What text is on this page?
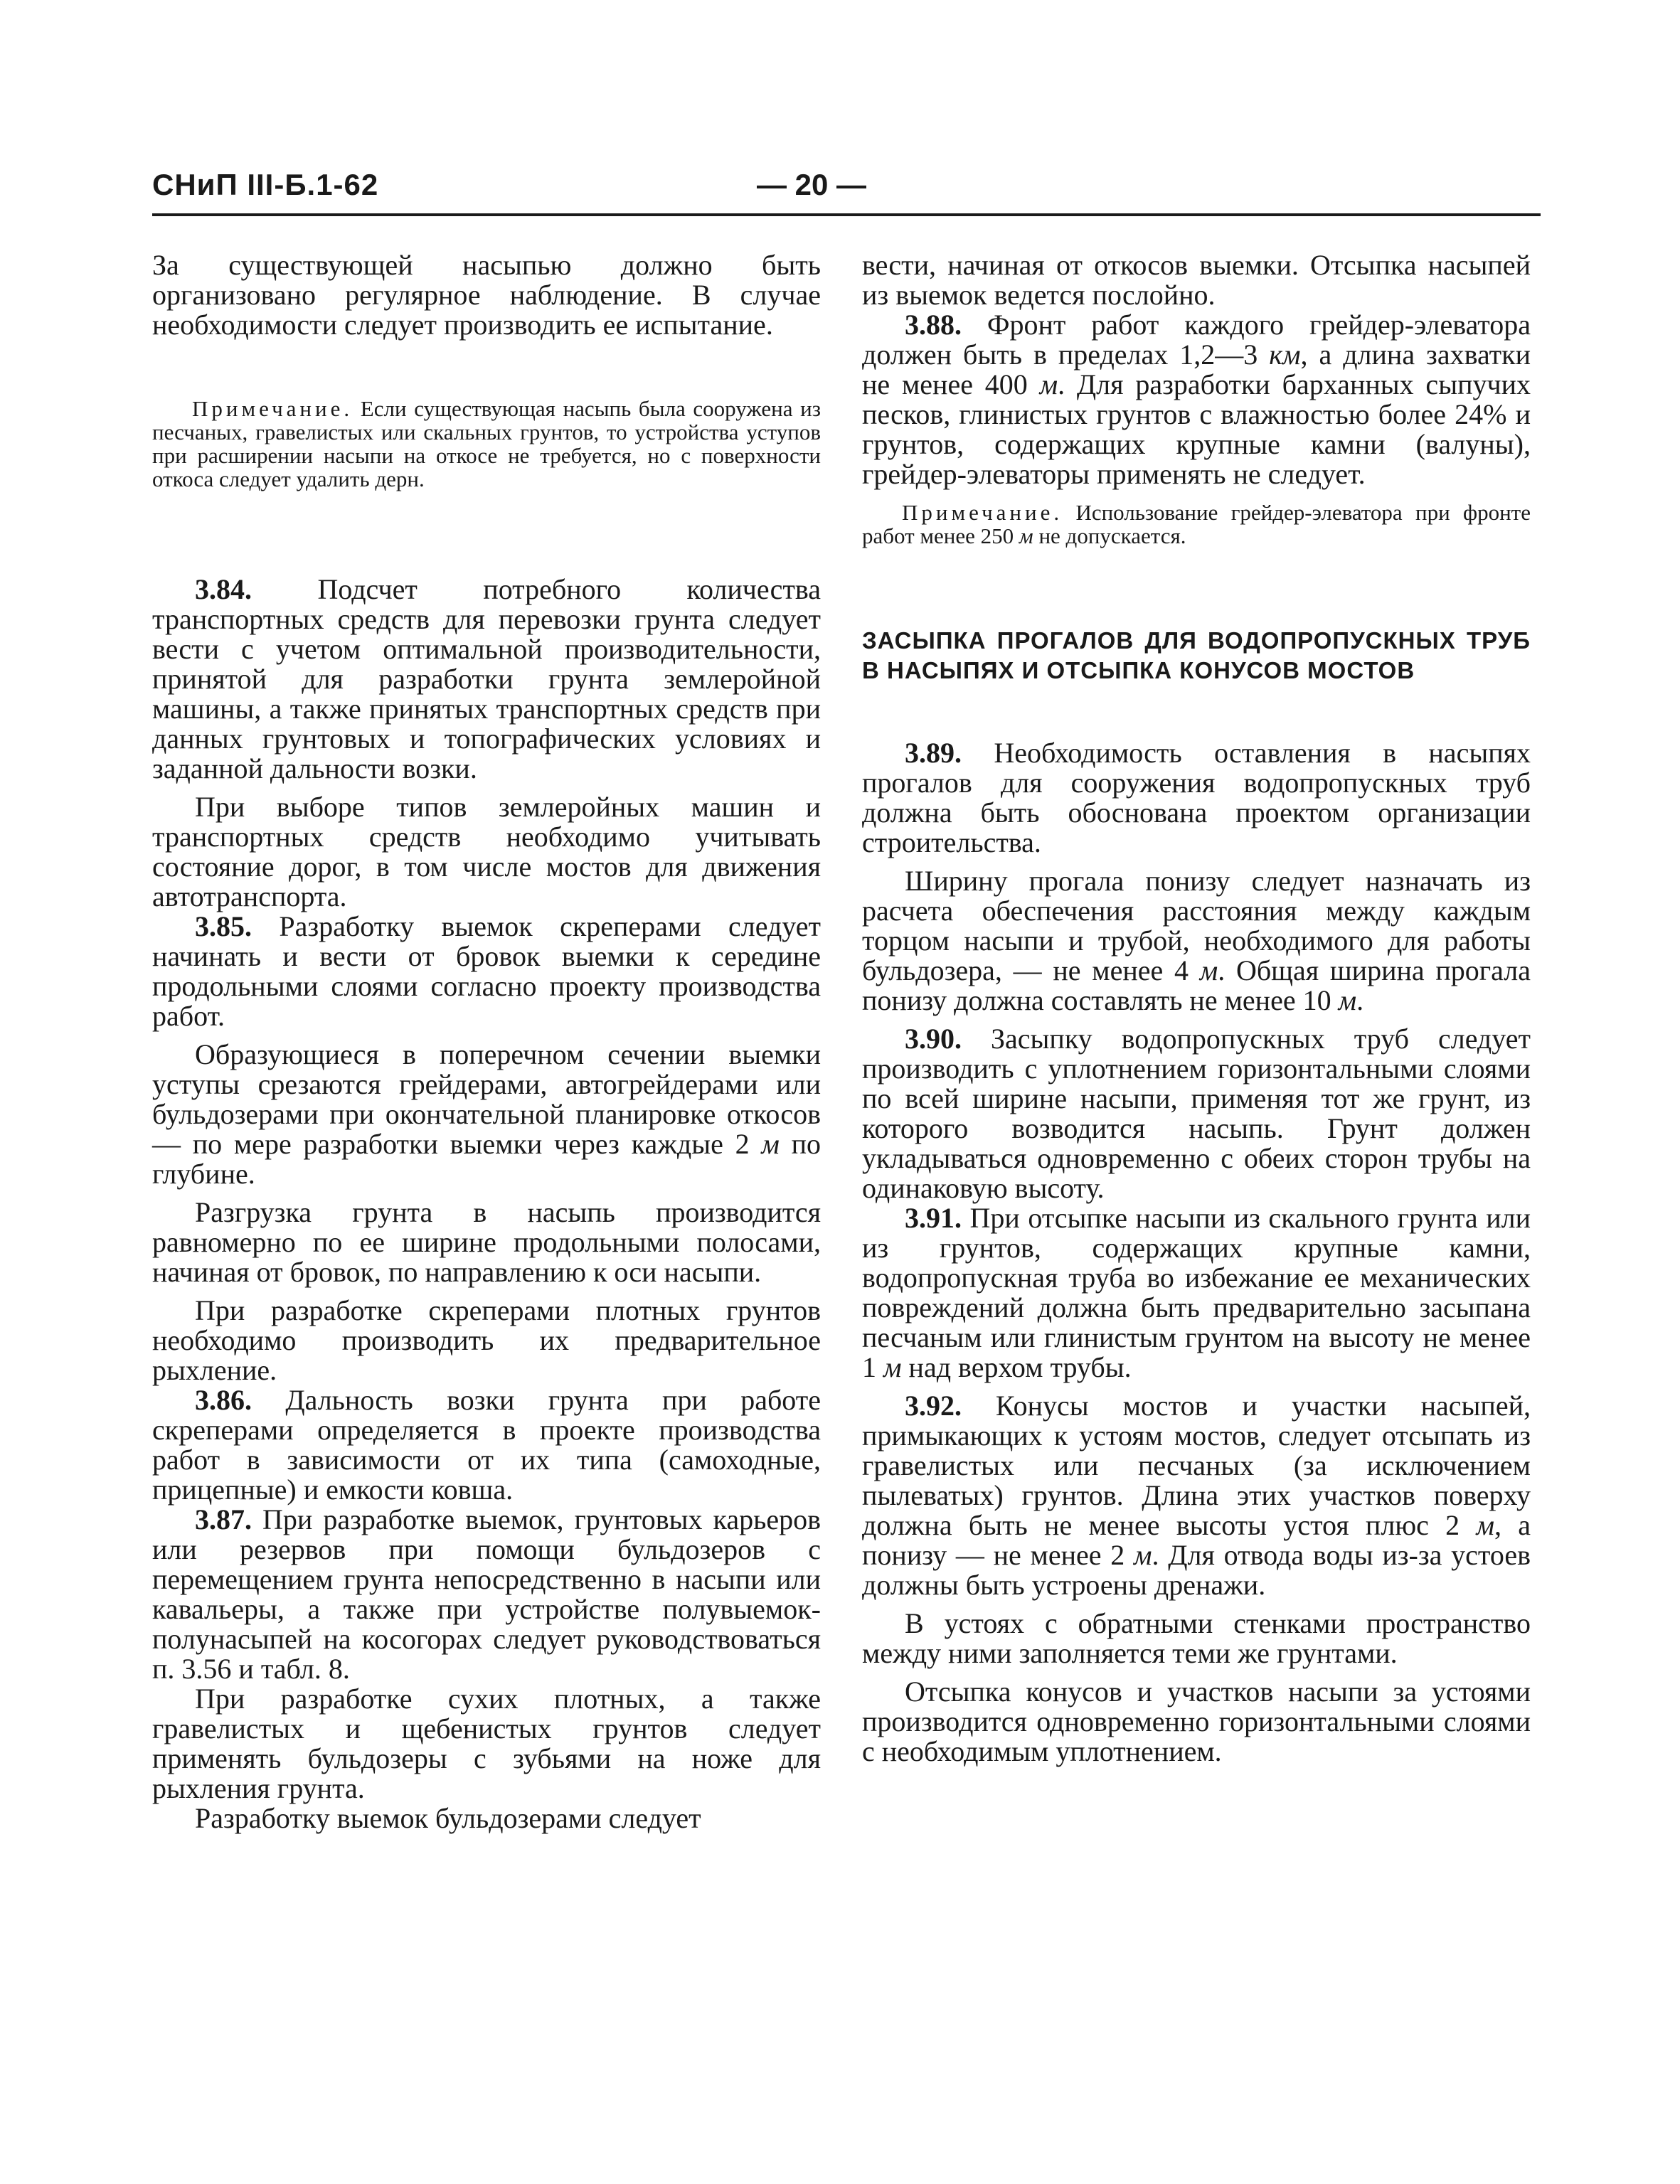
СНиП III-Б.1-62	— 20 —

За существующей насыпью должно быть организовано регулярное наблюдение. В случае необходимости следует производить ее испытание.

Примечание. Если существующая насыпь была сооружена из песчаных, гравелистых или скальных грунтов, то устройства уступов при расширении насыпи на откосе не требуется, но с поверхности откоса следует удалить дерн.

3.84. Подсчет потребного количества транспортных средств для перевозки грунта следует вести с учетом оптимальной производительности, принятой для разработки грунта землеройной машины, а также принятых транспортных средств при данных грунтовых и топографических условиях и заданной дальности возки.

При выборе типов землеройных машин и транспортных средств необходимо учитывать состояние дорог, в том числе мостов для движения автотранспорта.

3.85. Разработку выемок скреперами следует начинать и вести от бровок выемки к середине продольными слоями согласно проекту производства работ.

Образующиеся в поперечном сечении выемки уступы срезаются грейдерами, автогрейдерами или бульдозерами при окончательной планировке откосов — по мере разработки выемки через каждые 2 м по глубине.

Разгрузка грунта в насыпь производится равномерно по ее ширине продольными полосами, начиная от бровок, по направлению к оси насыпи.

При разработке скреперами плотных грунтов необходимо производить их предварительное рыхление.

3.86. Дальность возки грунта при работе скреперами определяется в проекте производства работ в зависимости от их типа (самоходные, прицепные) и емкости ковша.

3.87. При разработке выемок, грунтовых карьеров или резервов при помощи бульдозеров с перемещением грунта непосредственно в насыпи или кавальеры, а также при устройстве полувыемок-полунасыпей на косогорах следует руководствоваться п. 3.56 и табл. 8.

При разработке сухих плотных, а также гравелистых и щебенистых грунтов следует применять бульдозеры с зубьями на ноже для рыхления грунта.

Разработку выемок бульдозерами следует

вести, начиная от откосов выемки. Отсыпка насыпей из выемок ведется послойно.

3.88. Фронт работ каждого грейдер-элеватора должен быть в пределах 1,2—3 км, а длина захватки не менее 400 м. Для разработки барханных сыпучих песков, глинистых грунтов с влажностью более 24% и грунтов, содержащих крупные камни (валуны), грейдер-элеваторы применять не следует.

Примечание. Использование грейдер-элеватора при фронте работ менее 250 м не допускается.

ЗАСЫПКА ПРОГАЛОВ ДЛЯ ВОДОПРОПУСКНЫХ ТРУБ В НАСЫПЯХ И ОТСЫПКА КОНУСОВ МОСТОВ

3.89. Необходимость оставления в насыпях прогалов для сооружения водопропускных труб должна быть обоснована проектом организации строительства.

Ширину прогала понизу следует назначать из расчета обеспечения расстояния между каждым торцом насыпи и трубой, необходимого для работы бульдозера, — не менее 4 м. Общая ширина прогала понизу должна составлять не менее 10 м.

3.90. Засыпку водопропускных труб следует производить с уплотнением горизонтальными слоями по всей ширине насыпи, применяя тот же грунт, из которого возводится насыпь. Грунт должен укладываться одновременно с обеих сторон трубы на одинаковую высоту.

3.91. При отсыпке насыпи из скального грунта или из грунтов, содержащих крупные камни, водопропускная труба во избежание ее механических повреждений должна быть предварительно засыпана песчаным или глинистым грунтом на высоту не менее 1 м над верхом трубы.

3.92. Конусы мостов и участки насыпей, примыкающих к устоям мостов, следует отсыпать из гравелистых или песчаных (за исключением пылеватых) грунтов. Длина этих участков поверху должна быть не менее высоты устоя плюс 2 м, а понизу — не менее 2 м. Для отвода воды из-за устоев должны быть устроены дренажи.

В устоях с обратными стенками пространство между ними заполняется теми же грунтами.

Отсыпка конусов и участков насыпи за устоями производится одновременно горизонтальными слоями с необходимым уплотнением.
